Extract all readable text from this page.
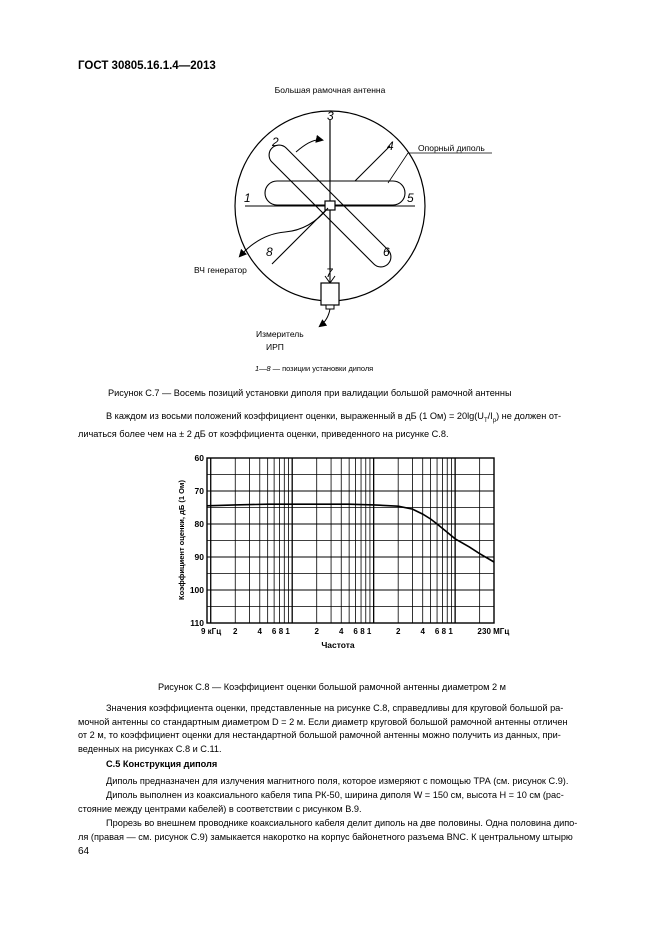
ГОСТ 30805.16.1.4—2013
Большая рамочная антенна
3
2	4
1	5
6
8
7
Опорный диполь
ВЧ генератор
Измеритель
ИРП
1—8 — позиции установки диполя
Рисунок С.7 — Восемь позиций установки диполя при валидации большой рамочной антенны
В каждом из восьми положений коэффициент оценки, выраженный в дБ (1 $Ом) = 20\lg(U_Т/I_р)$ не должен от-
личаться более чем на ± 2 дБ от коэффициента оценки, приведенного на рисунке С.8.
60
70
80
90
100
110
9 кГц 2	4 6 8 1	2	4 6 8 1	2	4 6 8 1	2 30 МГц
Частота
Коэффициент оценки, дБ (1 Ом)
Рисунок С.8 — Коэффициент оценки большой рамочной антенны диаметром 2 м
Значения коэффициента оценки, представленные на рисунке С.8, справедливы для круговой большой ра-
мочной антенны со стандартным диаметром D = 2 м. Если диаметр круговой большой рамочной антенны отличен
от 2 м, то коэффициент оценки для нестандартной большой рамочной антенны можно получить из данных, при-
веденных на рисунках С.8 и С.11.
С.5 Конструкция диполя
Диполь предназначен для излучения магнитного поля, которое измеряют с помощью ТРА (см. рисунок С.9).
Диполь выполнен из коаксиального кабеля типа РК-50, ширина диполя W = 150 см, высота H = 10 см (рас-
стояние между центрами кабелей) в соответствии с рисунком В.9.
Прорезь во внешнем проводнике коаксиального кабеля делит диполь на две половины. Одна половина дипо-
ля (правая — см. рисунок С.9) замыкается накоротко на корпус байонетного разъема BNC. К центральному штырю
64
